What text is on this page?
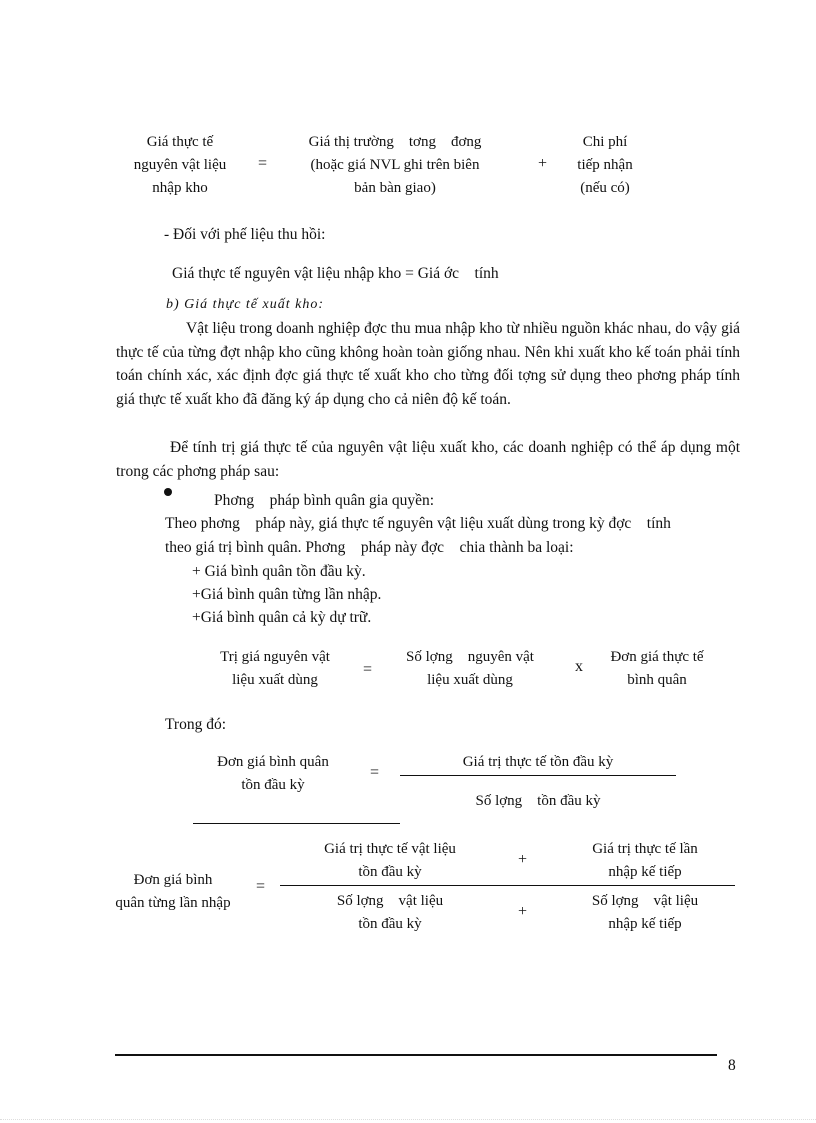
Giá thực tế
nguyên vật liệu
nhập kho
=
Giá thị trường    tơng    đơng
(hoặc giá NVL ghi trên biên
bản bàn giao)
+
Chi phí
tiếp nhận
(nếu có)
- Đối với phế liệu thu hồi:
Giá thực tế nguyên vật liệu nhập kho = Giá ớc    tính
b) Giá thực tế xuất kho:
Vật liệu trong doanh nghiệp đợc thu mua nhập kho từ nhiều nguồn khác nhau, do vậy giá thực tế của từng đợt nhập kho cũng không hoàn toàn giống nhau. Nên khi xuất kho kế toán phải tính toán chính xác, xác định đợc giá thực tế xuất kho cho từng đối tợng sử dụng theo phơng pháp tính giá thực tế xuất kho đã đăng ký áp dụng cho cả niên độ kế toán.
Để tính trị giá thực tế của nguyên vật liệu xuất kho, các doanh nghiệp có thể áp dụng một trong các phơng pháp sau:
Phơng    pháp bình quân gia quyền:
Theo phơng    pháp này, giá thực tế nguyên vật liệu xuất dùng trong kỳ đợc    tính
theo giá trị bình quân. Phơng    pháp này đợc    chia thành ba loại:
+ Giá bình quân tồn đầu kỳ.
+Giá bình quân từng lần nhập.
+Giá bình quân cả kỳ dự trữ.
Trị giá nguyên vật
liệu xuất dùng
=
Số lợng    nguyên vật
liệu xuất dùng
x
Đơn giá thực tế
bình quân
Trong đó:
Đơn giá bình quân
tồn đầu kỳ
=
Giá trị thực tế tồn đầu kỳ
Số lợng    tồn đầu kỳ
Đơn giá bình
quân từng lần nhập
=
Giá trị thực tế vật liệu
tồn đầu kỳ
+
Giá trị thực tế lần
nhập kế tiếp
Số lợng    vật liệu
tồn đầu kỳ
+
Số lợng    vật liệu
nhập kế tiếp
8
